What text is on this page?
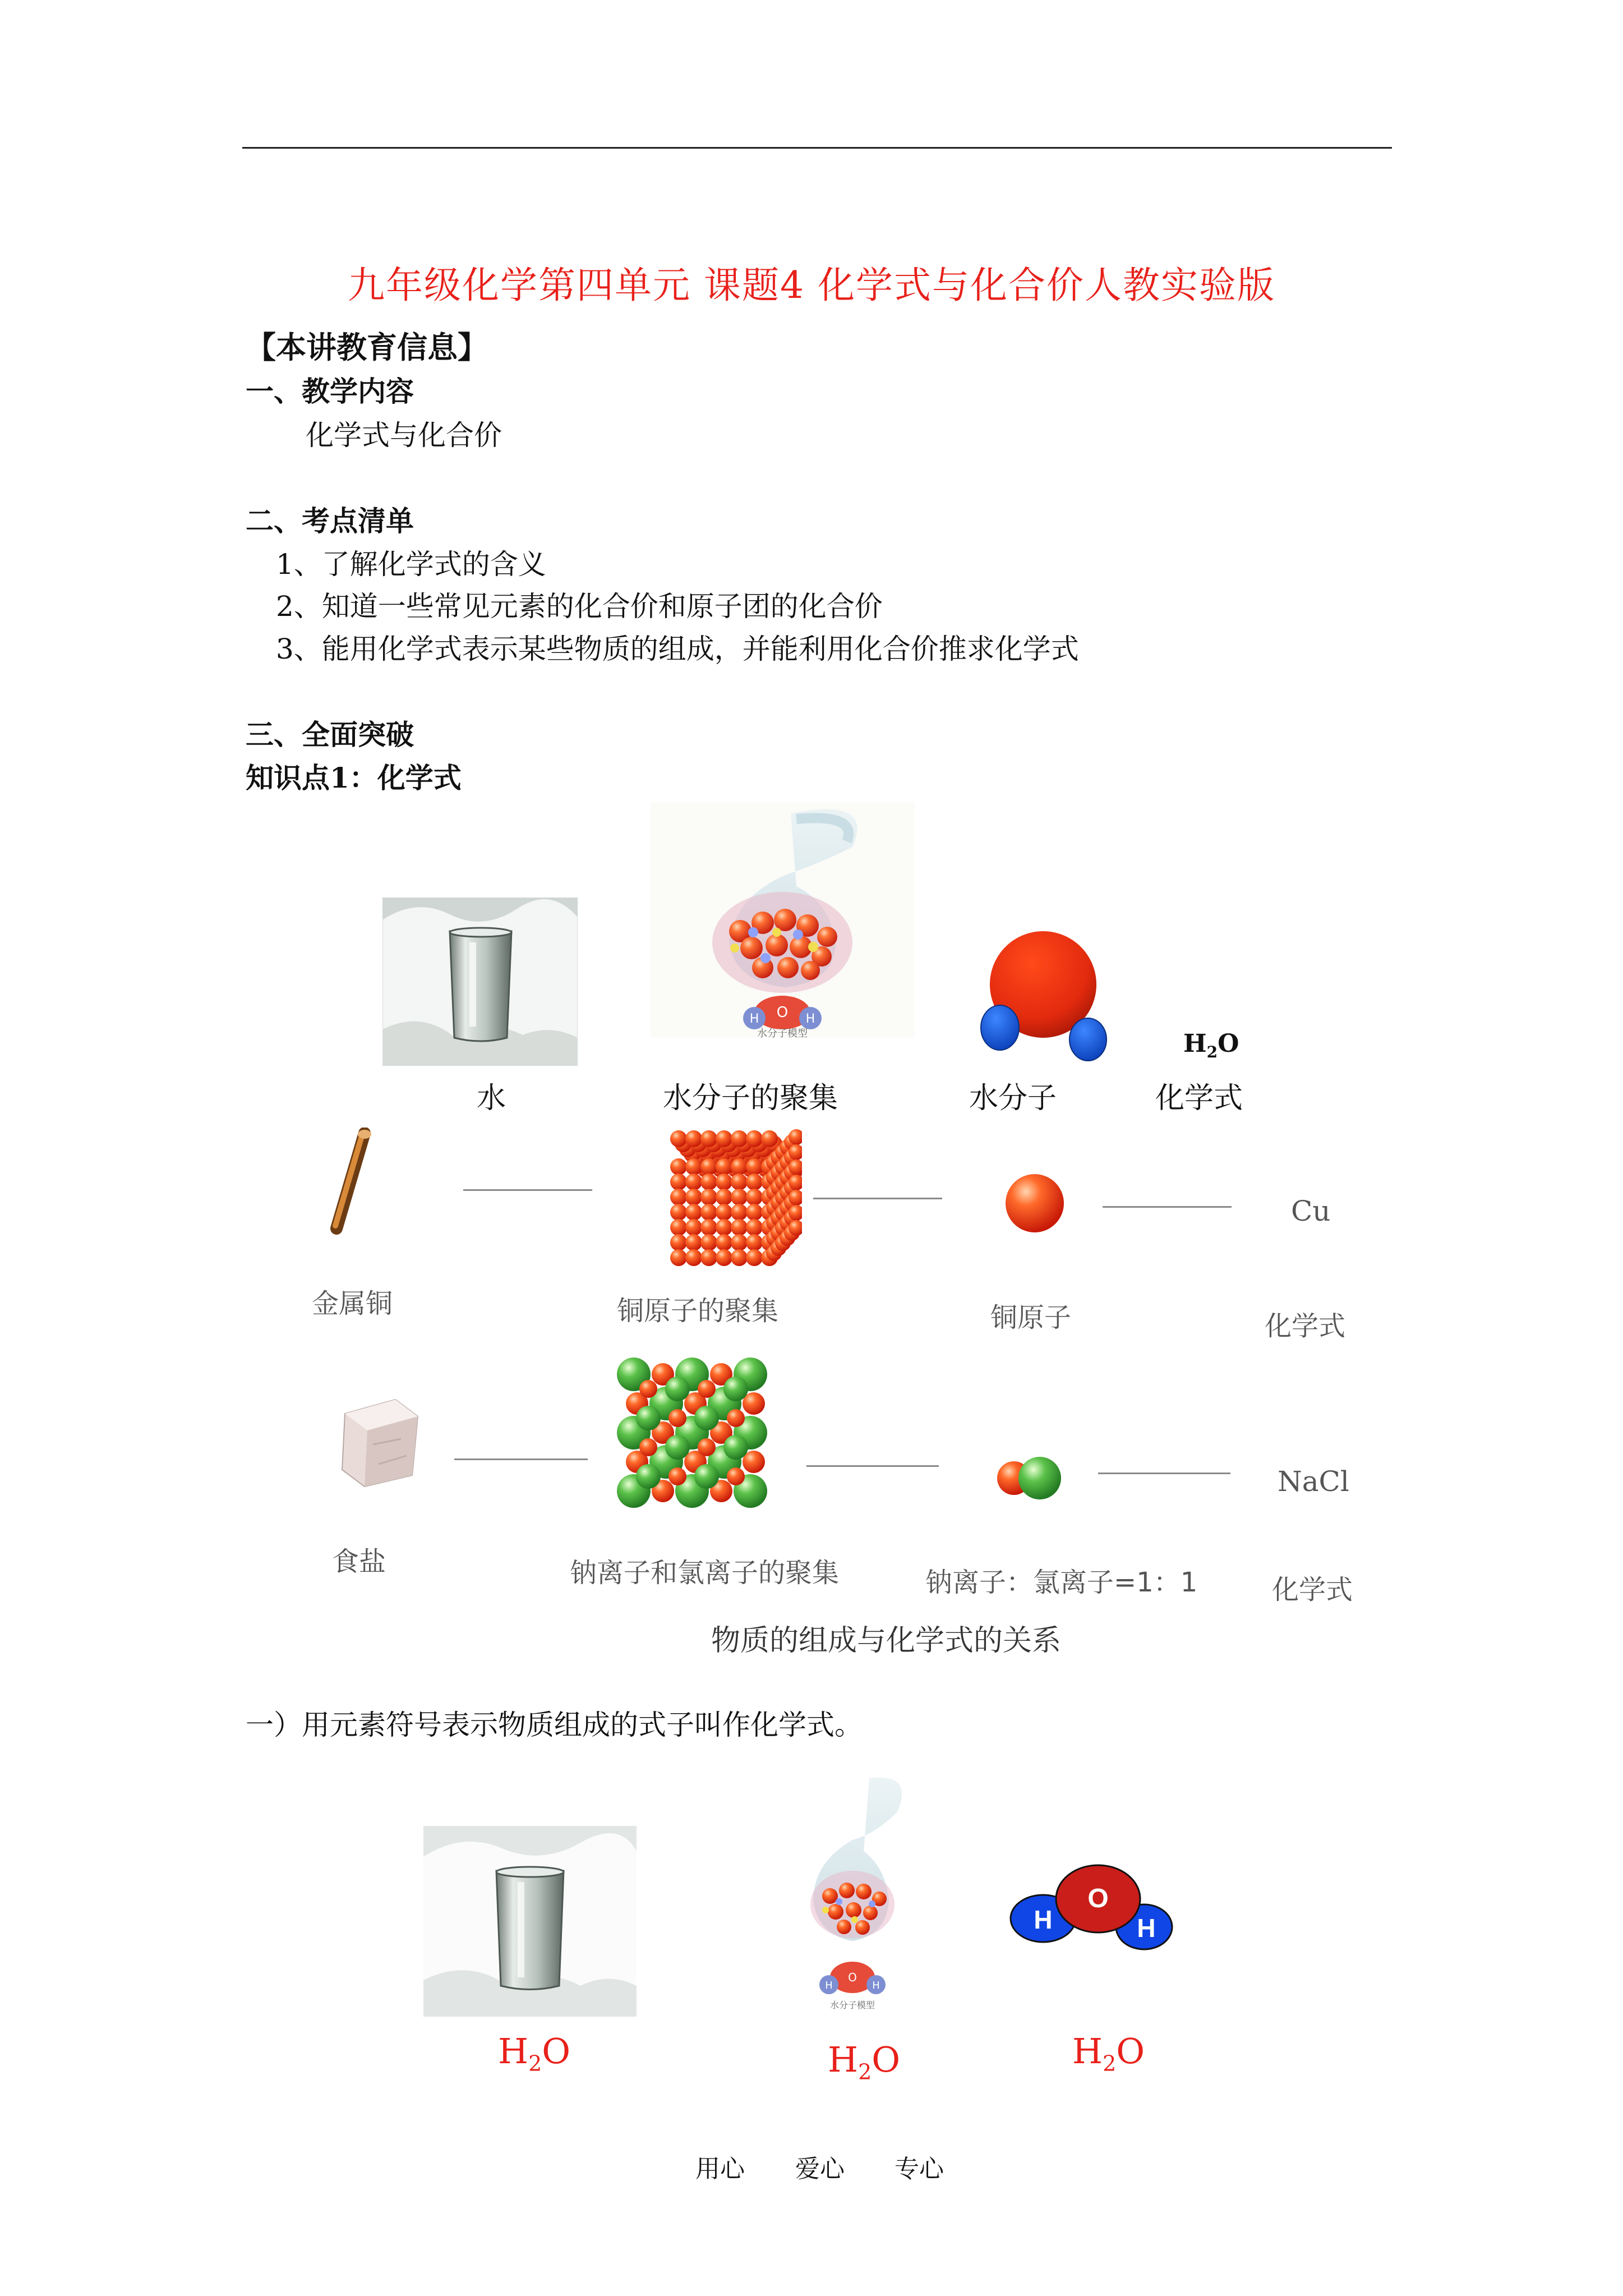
九年级化学第四单元 课题4 化学式与化合价人教实验版
【本讲教育信息】
一、教学内容
化学式与化合价
二、考点清单
1、了解化学式的含义
2、知道一些常见元素的化合价和原子团的化合价
3、能用化学式表示某些物质的组成，并能利用化合价推求化学式
三、全面突破
知识点1：化学式
H O H
水分子模型	$H_2O$
水	水分子的聚集	水分子	化学式
Cu
金属铜	铜原子的聚集	铜原子	化学式
NaCl
食盐	钠离子和氯离子的聚集	钠离子：氯离子=1：1	化学式
物质的组成与化学式的关系
一）用元素符号表示物质组成的式子叫作化学式。
H
O
H
水分子模型
H
O
H
$H_2O$	$H_2O$	$H_2O$
用心 爱心 专心
